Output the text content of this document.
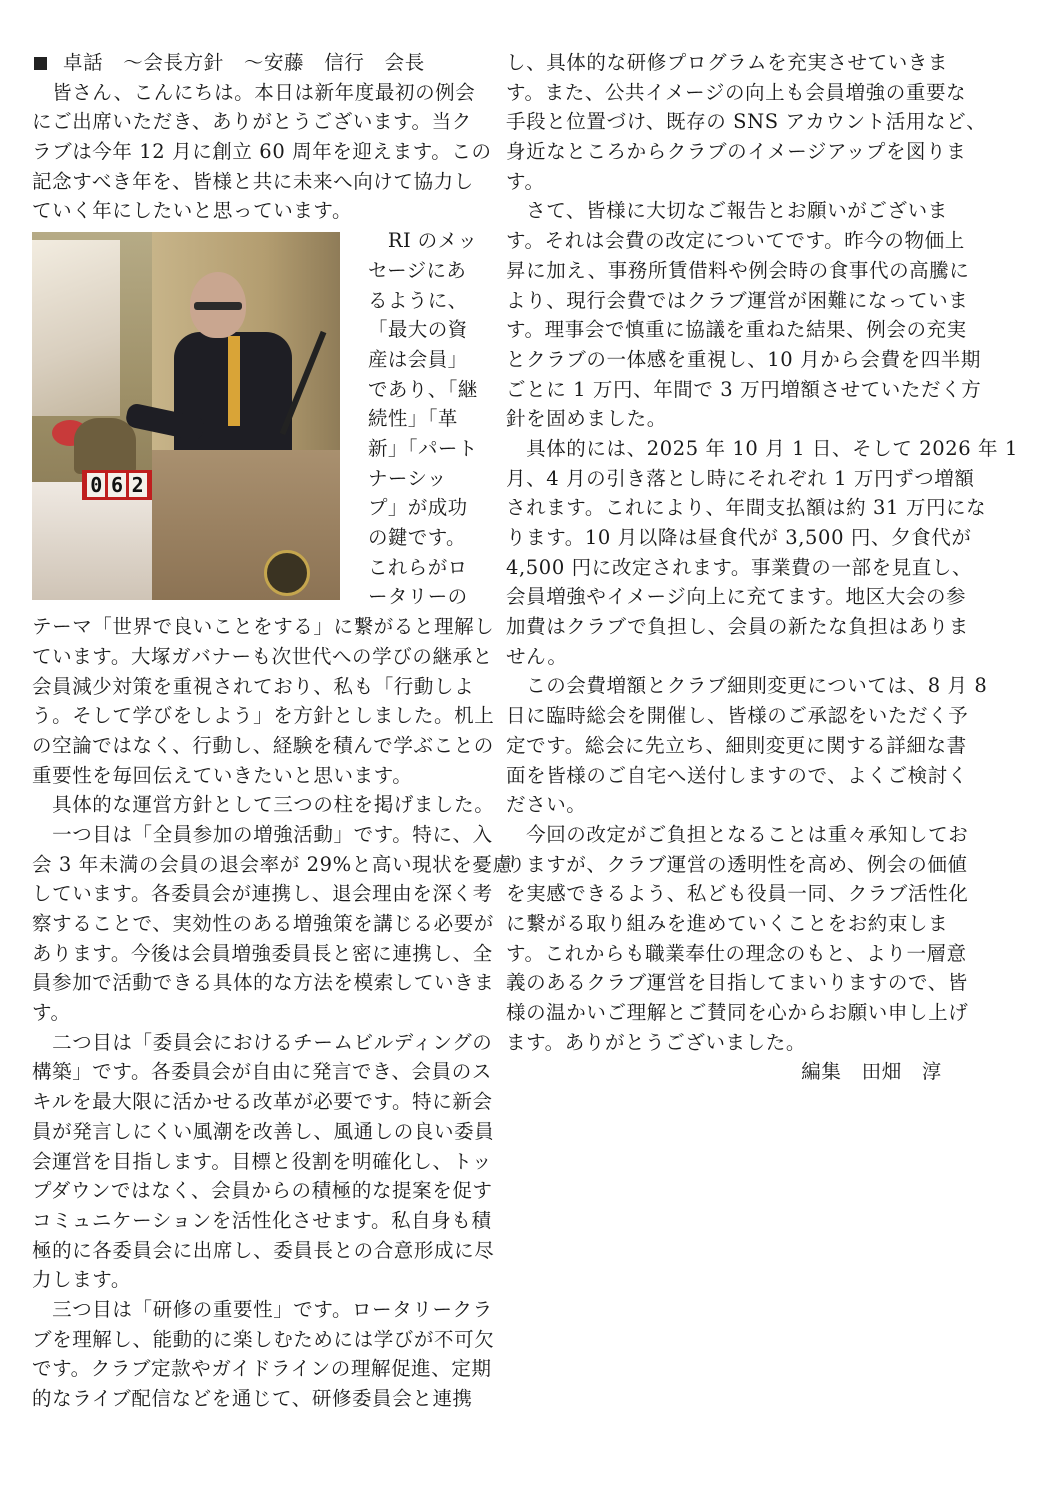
卓話　～会長方針　～安藤　信行　会長
　皆さん、こんにちは。本日は新年度最初の例会
にご出席いただき、ありがとうございます。当ク
ラブは今年 12 月に創立 60 周年を迎えます。この
記念すべき年を、皆様と共に未来へ向けて協力し
ていく年にしたいと思っています。
0 6 2
　RI のメッ
セージにあ
るように、
「最大の資
産は会員」
であり、「継
続性」「革
新」「パート
ナーシッ
プ」が成功
の鍵です。
これらがロ
ータリーの
テーマ「世界で良いことをする」に繋がると理解し
ています。大塚ガバナーも次世代への学びの継承と
会員減少対策を重視されており、私も「行動しよ
う。そして学びをしよう」を方針としました。机上
の空論ではなく、行動し、経験を積んで学ぶことの
重要性を毎回伝えていきたいと思います。
　具体的な運営方針として三つの柱を掲げました。
　一つ目は「全員参加の増強活動」です。特に、入
会 3 年未満の会員の退会率が 29%と高い現状を憂慮
しています。各委員会が連携し、退会理由を深く考
察することで、実効性のある増強策を講じる必要が
あります。今後は会員増強委員長と密に連携し、全
員参加で活動できる具体的な方法を模索していきま
す。
　二つ目は「委員会におけるチームビルディングの
構築」です。各委員会が自由に発言でき、会員のス
キルを最大限に活かせる改革が必要です。特に新会
員が発言しにくい風潮を改善し、風通しの良い委員
会運営を目指します。目標と役割を明確化し、トッ
プダウンではなく、会員からの積極的な提案を促す
コミュニケーションを活性化させます。私自身も積
極的に各委員会に出席し、委員長との合意形成に尽
力します。
　三つ目は「研修の重要性」です。ロータリークラ
ブを理解し、能動的に楽しむためには学びが不可欠
です。クラブ定款やガイドラインの理解促進、定期
的なライブ配信などを通じて、研修委員会と連携
し、具体的な研修プログラムを充実させていきま
す。また、公共イメージの向上も会員増強の重要な
手段と位置づけ、既存の SNS アカウント活用など、
身近なところからクラブのイメージアップを図りま
す。
　さて、皆様に大切なご報告とお願いがございま
す。それは会費の改定についてです。昨今の物価上
昇に加え、事務所賃借料や例会時の食事代の高騰に
より、現行会費ではクラブ運営が困難になっていま
す。理事会で慎重に協議を重ねた結果、例会の充実
とクラブの一体感を重視し、10 月から会費を四半期
ごとに 1 万円、年間で 3 万円増額させていただく方
針を固めました。
　具体的には、2025 年 10 月 1 日、そして 2026 年 1
月、4 月の引き落とし時にそれぞれ 1 万円ずつ増額
されます。これにより、年間支払額は約 31 万円にな
ります。10 月以降は昼食代が 3,500 円、夕食代が
4,500 円に改定されます。事業費の一部を見直し、
会員増強やイメージ向上に充てます。地区大会の参
加費はクラブで負担し、会員の新たな負担はありま
せん。
　この会費増額とクラブ細則変更については、8 月 8
日に臨時総会を開催し、皆様のご承認をいただく予
定です。総会に先立ち、細則変更に関する詳細な書
面を皆様のご自宅へ送付しますので、よくご検討く
ださい。
　今回の改定がご負担となることは重々承知してお
りますが、クラブ運営の透明性を高め、例会の価値
を実感できるよう、私ども役員一同、クラブ活性化
に繋がる取り組みを進めていくことをお約束しま
す。これからも職業奉仕の理念のもと、より一層意
義のあるクラブ運営を目指してまいりますので、皆
様の温かいご理解とご賛同を心からお願い申し上げ
ます。ありがとうございました。
編集　田畑　淳
